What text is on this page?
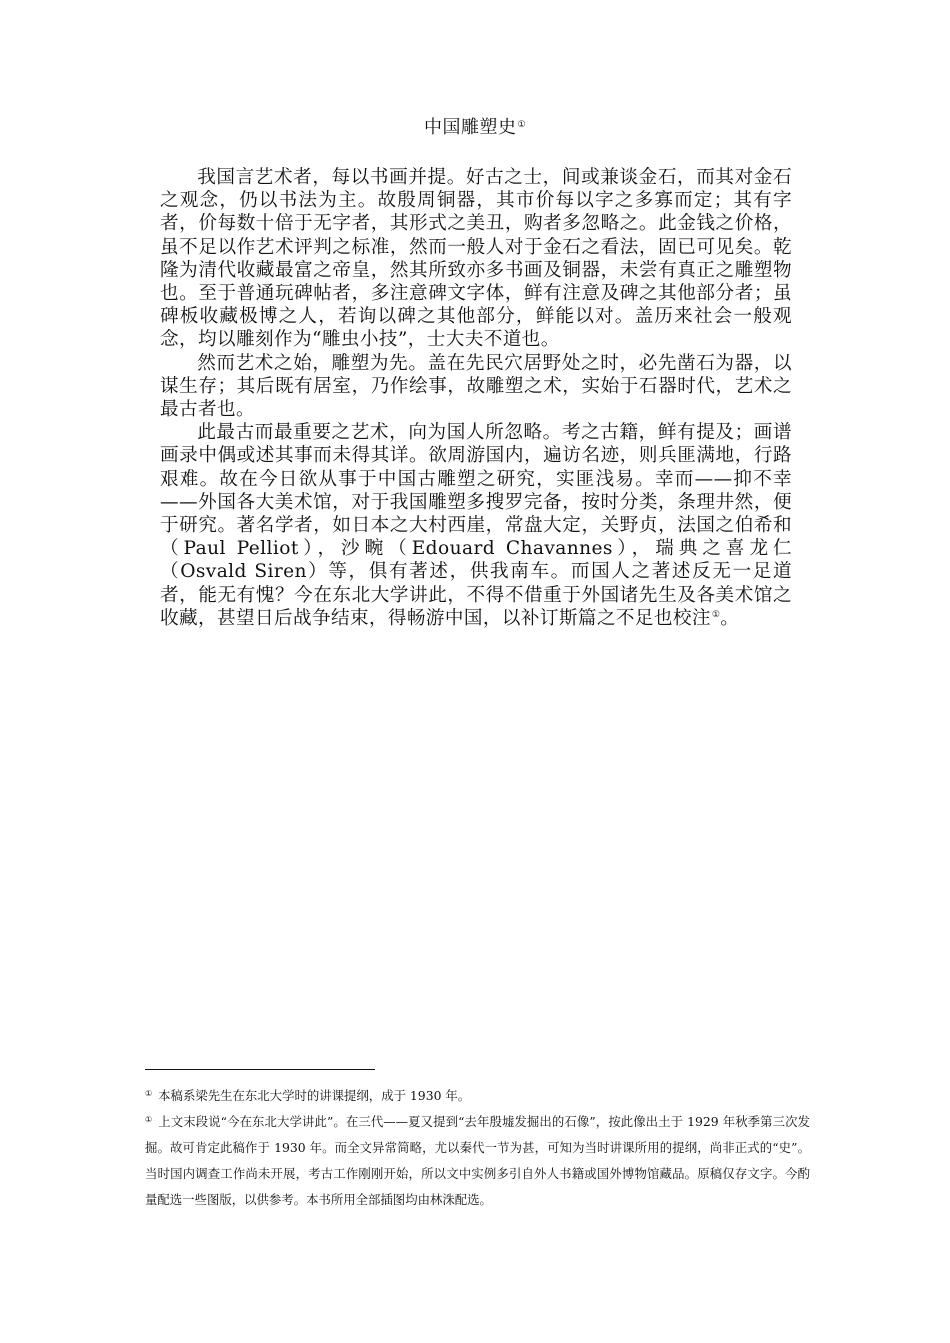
中国雕塑史①

我国言艺术者，每以书画并提。好古之士，间或兼谈金石，而其对金石之观念，仍以书法为主。故殷周铜器，其市价每以字之多寡而定；其有字者，价每数十倍于无字者，其形式之美丑，购者多忽略之。此金钱之价格，虽不足以作艺术评判之标准，然而一般人对于金石之看法，固已可见矣。乾隆为清代收藏最富之帝皇，然其所致亦多书画及铜器，未尝有真正之雕塑物也。至于普通玩碑帖者，多注意碑文字体，鲜有注意及碑之其他部分者；虽碑板收藏极博之人，若询以碑之其他部分，鲜能以对。盖历来社会一般观念，均以雕刻作为“雕虫小技”，士大夫不道也。

然而艺术之始，雕塑为先。盖在先民穴居野处之时，必先凿石为器，以谋生存；其后既有居室，乃作绘事，故雕塑之术，实始于石器时代，艺术之最古者也。

此最古而最重要之艺术，向为国人所忽略。考之古籍，鲜有提及；画谱画录中偶或述其事而未得其详。欲周游国内，遍访名迹，则兵匪满地，行路艰难。故在今日欲从事于中国古雕塑之研究，实匪浅易。幸而——抑不幸——外国各大美术馆，对于我国雕塑多搜罗完备，按时分类，条理井然，便于研究。著名学者，如日本之大村西崖，常盘大定，关野贞，法国之伯希和（Paul Pelliot），沙畹（Edouard Chavannes），瑞典之喜龙仁（Osvald Siren）等，俱有著述，供我南车。而国人之著述反无一足道者，能无有愧？今在东北大学讲此，不得不借重于外国诸先生及各美术馆之收藏，甚望日后战争结束，得畅游中国，以补订斯篇之不足也校注①。

① 本稿系梁先生在东北大学时的讲课提纲，成于 1930 年。

① 上文末段说“今在东北大学讲此”。在三代——夏又提到“去年殷墟发掘出的石像”，按此像出土于 1929 年秋季第三次发掘。故可肯定此稿作于 1930 年。而全文异常简略，尤以秦代一节为甚，可知为当时讲课所用的提纲，尚非正式的“史”。当时国内调查工作尚未开展，考古工作刚刚开始，所以文中实例多引自外人书籍或国外博物馆藏品。原稿仅存文字。今酌量配选一些图版，以供参考。本书所用全部插图均由林洙配选。
